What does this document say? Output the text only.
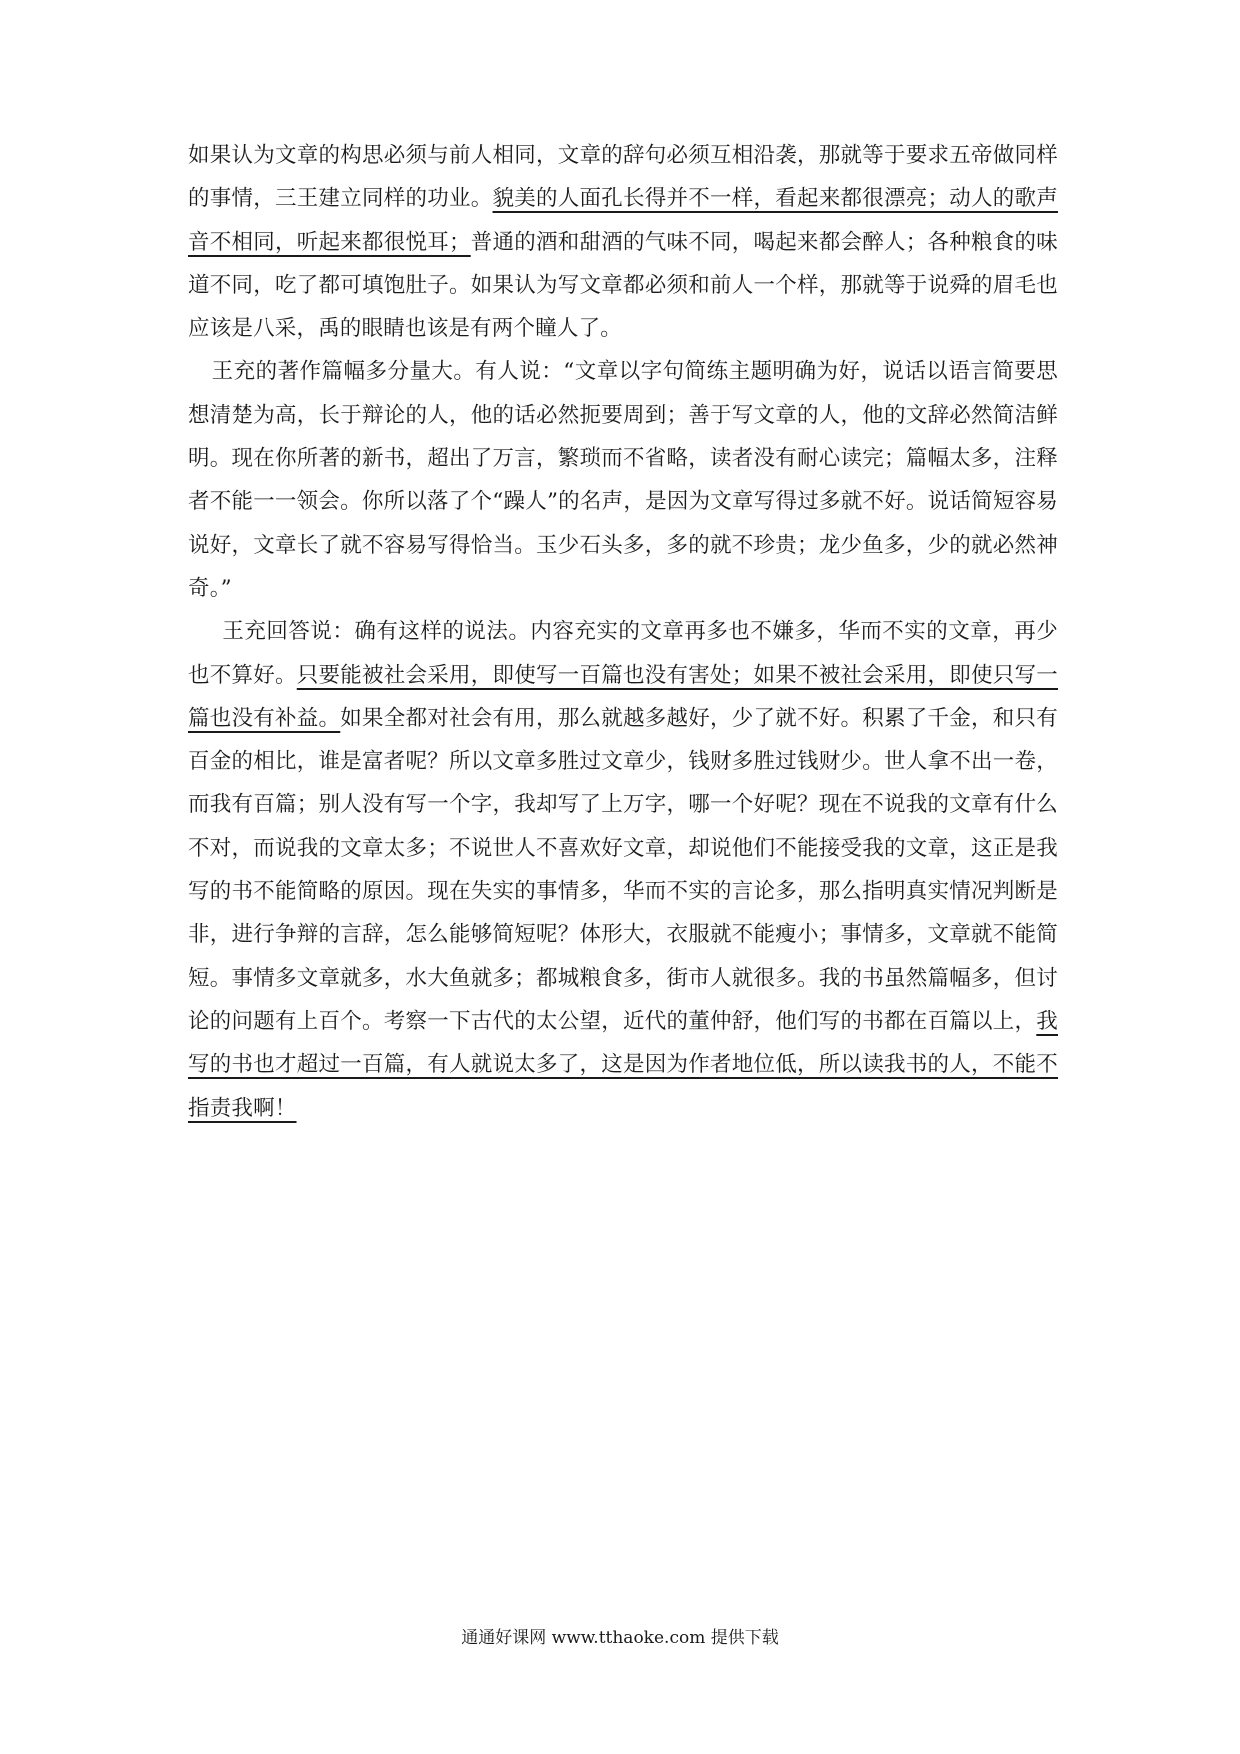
如果认为文章的构思必须与前人相同，文章的辞句必须互相沿袭，那就等于要求五帝做同样的事情，三王建立同样的功业。貌美的人面孔长得并不一样，看起来都很漂亮；动人的歌声音不相同，听起来都很悦耳；普通的酒和甜酒的气味不同，喝起来都会醉人；各种粮食的味道不同，吃了都可填饱肚子。如果认为写文章都必须和前人一个样，那就等于说舜的眉毛也应该是八采，禹的眼睛也该是有两个瞳人了。

王充的著作篇幅多分量大。有人说：“文章以字句简练主题明确为好，说话以语言简要思想清楚为高，长于辩论的人，他的话必然扼要周到；善于写文章的人，他的文辞必然简洁鲜明。现在你所著的新书，超出了万言，繁琐而不省略，读者没有耐心读完；篇幅太多，注释者不能一一领会。你所以落了个“躁人”的名声，是因为文章写得过多就不好。说话简短容易说好，文章长了就不容易写得恰当。玉少石头多，多的就不珍贵；龙少鱼多，少的就必然神奇。”

王充回答说：确有这样的说法。内容充实的文章再多也不嫌多，华而不实的文章，再少也不算好。只要能被社会采用，即使写一百篇也没有害处；如果不被社会采用，即使只写一篇也没有补益。如果全都对社会有用，那么就越多越好，少了就不好。积累了千金，和只有百金的相比，谁是富者呢？所以文章多胜过文章少，钱财多胜过钱财少。世人拿不出一卷，而我有百篇；别人没有写一个字，我却写了上万字，哪一个好呢？现在不说我的文章有什么不对，而说我的文章太多；不说世人不喜欢好文章，却说他们不能接受我的文章，这正是我写的书不能简略的原因。现在失实的事情多，华而不实的言论多，那么指明真实情况判断是非，进行争辩的言辞，怎么能够简短呢？体形大，衣服就不能瘦小；事情多，文章就不能简短。事情多文章就多，水大鱼就多；都城粮食多，街市人就很多。我的书虽然篇幅多，但讨论的问题有上百个。考察一下古代的太公望，近代的董仲舒，他们写的书都在百篇以上，我写的书也才超过一百篇，有人就说太多了，这是因为作者地位低，所以读我书的人，不能不指责我啊！

通通好课网 www.tthaoke.com 提供下载
